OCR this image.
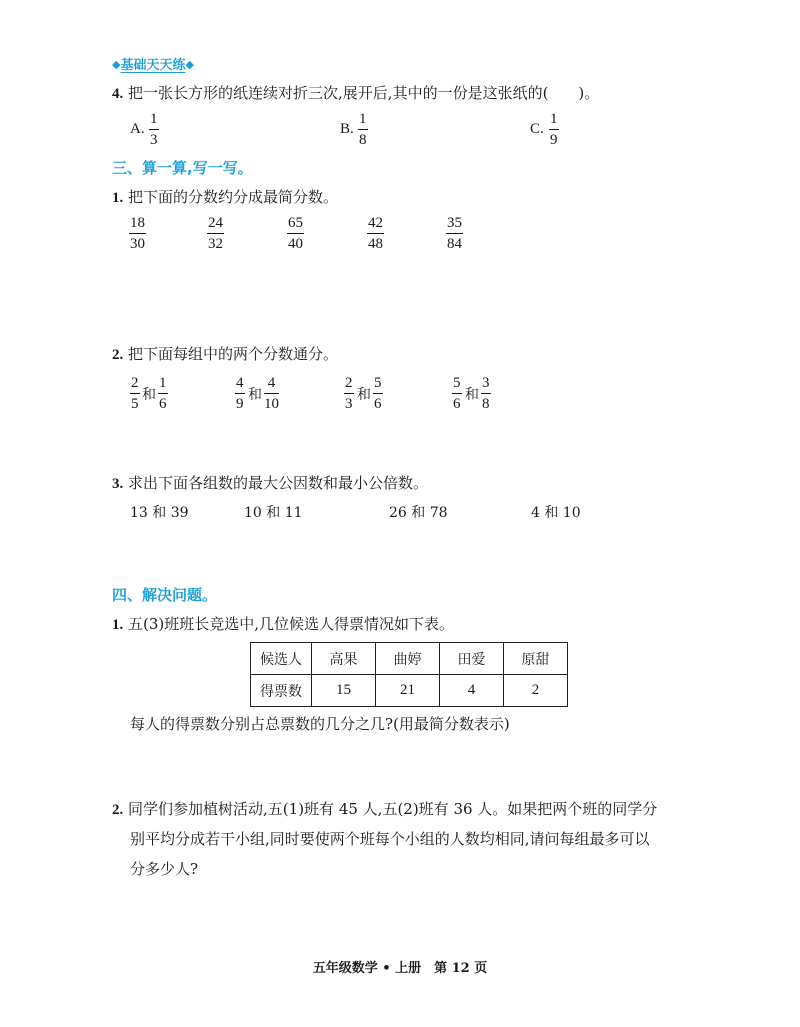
◆基础天天练◆
4. 把一张长方形的纸连续对折三次,展开后,其中的一份是这张纸的(　　)。
A.
1
3
B.
1
8
C.
1
9
三、算一算,写一写。
1. 把下面的分数约分成最简分数。
18
30
24
32
65
40
42
48
35
84
2. 把下面每组中的两个分数通分。
2
5
和
1
6
4
9
和
4
10
2
3
和
5
6
5
6
和
3
8
3. 求出下面各组数的最大公因数和最小公倍数。
13 和 39	10 和 11	26 和 78	4 和 10
四、解决问题。
1. 五(3)班班长竞选中,几位候选人得票情况如下表。
候选人	高果	曲婷	田爱	原甜
得票数	15	21	4	2
每人的得票数分别占总票数的几分之几?(用最简分数表示)
2. 同学们参加植树活动,五(1)班有 45 人,五(2)班有 36 人。如果把两个班的同学分
别平均分成若干小组,同时要使两个班每个小组的人数均相同,请问每组最多可以
分多少人?
五年级数学 • 上册　第 12 页
